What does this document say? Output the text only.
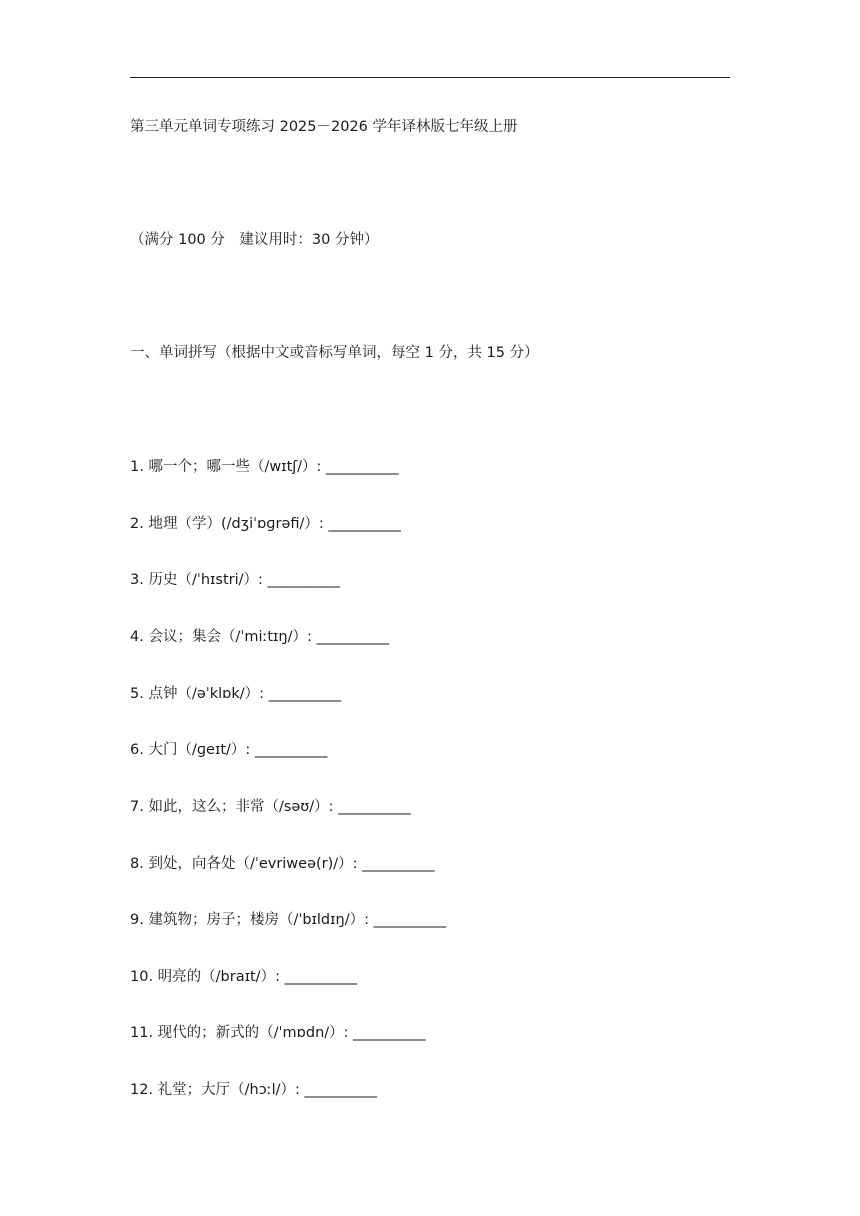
第三单元单词专项练习 2025－2026 学年译林版七年级上册
（满分 100 分　建议用时：30 分钟）
一、单词拼写（根据中文或音标写单词，每空 1 分，共 15 分）
1. 哪一个；哪一些（/wɪtʃ/）: __________
2. 地理（学）(/dʒiˈɒɡrəfi/）: __________
3. 历史（/ˈhɪstri/）: __________
4. 会议；集会（/ˈmiːtɪŋ/）: __________
5. 点钟（/əˈklɒk/）: __________
6. 大门（/ɡeɪt/）: __________
7. 如此，这么；非常（/səʊ/）: __________
8. 到处，向各处（/ˈevriweə(r)/）: __________
9. 建筑物；房子；楼房（/ˈbɪldɪŋ/）: __________
10. 明亮的（/braɪt/）: __________
11. 现代的；新式的（/ˈmɒdn/）: __________
12. 礼堂；大厅（/hɔːl/）: __________
